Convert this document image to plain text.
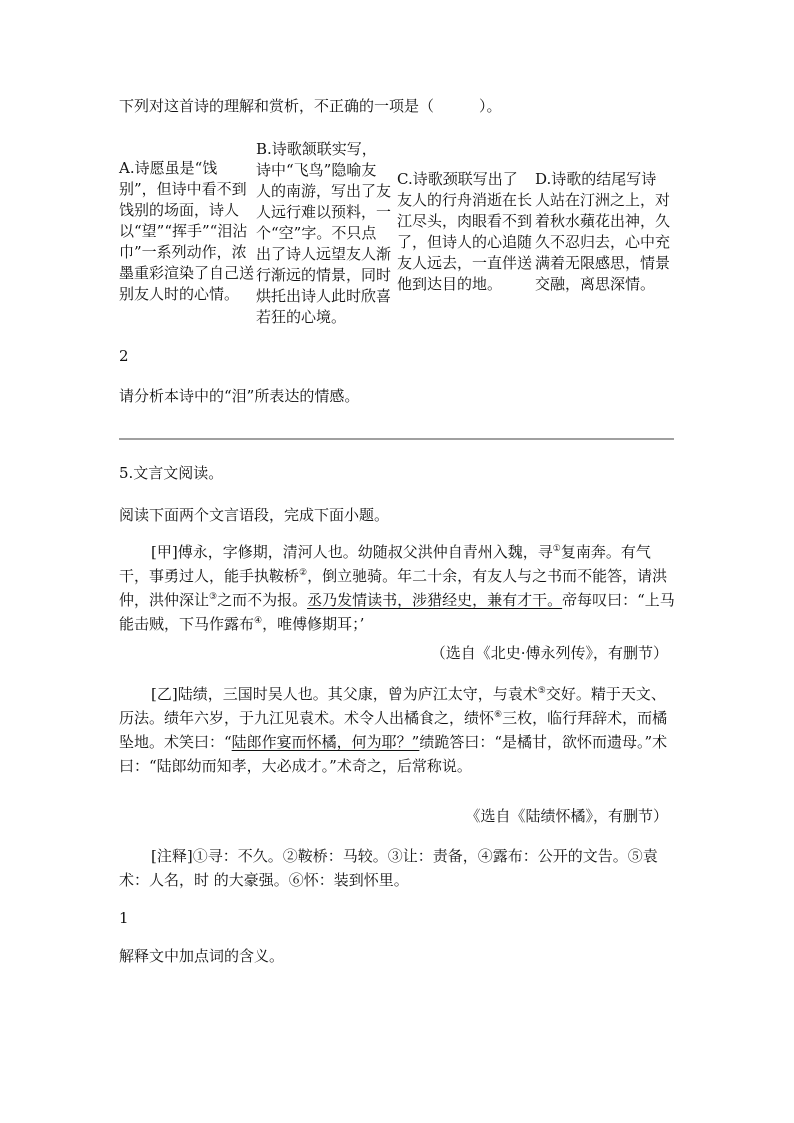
下列对这首诗的理解和赏析，不正确的一项是（　　　）。
A.诗愿虽是“饯别”，但诗中看不到饯别的场面，诗人以“望”“挥手”“泪沾巾”一系列动作，浓墨重彩渲染了自己送别友人时的心情。
B.诗歌颔联实写，诗中“飞鸟”隐喻友人的南游，写出了友人远行难以预料，一个“空”字。不只点出了诗人远望友人渐行渐远的情景，同时烘托出诗人此时欣喜若狂的心境。
C.诗歌颈联写出了友人的行舟消逝在长江尽头，肉眼看不到了，但诗人的心追随友人远去，一直伴送他到达目的地。
D.诗歌的结尾写诗人站在汀洲之上，对着秋水蘋花出神，久久不忍归去，心中充满着无限感思，情景交融，离思深情。
2
请分析本诗中的“泪”所表达的情感。
5.文言文阅读。
阅读下面两个文言语段，完成下面小题。
[甲]傅永，字修期，清河人也。幼随叔父洪仲自青州入魏，寻①复南奔。有气干，事勇过人，能手执鞍桥②，倒立驰骑。年二十余，有友人与之书而不能答，请洪仲，洪仲深让③之而不为报。丞乃发情读书，涉猎经史，兼有才干。帝每叹曰：“上马能击贼，下马作露布④，唯傅修期耳；’
（选自《北史·傅永列传》，有删节）
[乙]陆绩，三国时吴人也。其父康，曾为庐江太守，与袁术⑤交好。精于天文、历法。绩年六岁，于九江见袁术。术令人出橘食之，绩怀⑥三枚，临行拜辞术，而橘坠地。术笑曰：“陆郎作宴而怀橘，何为耶？”绩跪答曰：“是橘甘，欲怀而遗母。”术曰：“陆郎幼而知孝，大必成才。”术奇之，后常称说。
《选自《陆绩怀橘》，有删节）
[注释]①寻：不久。②鞍桥：马较。③让：责备，④露布：公开的文告。⑤袁术：人名，时 的大豪强。⑥怀：装到怀里。
1
解释文中加点词的含义。
